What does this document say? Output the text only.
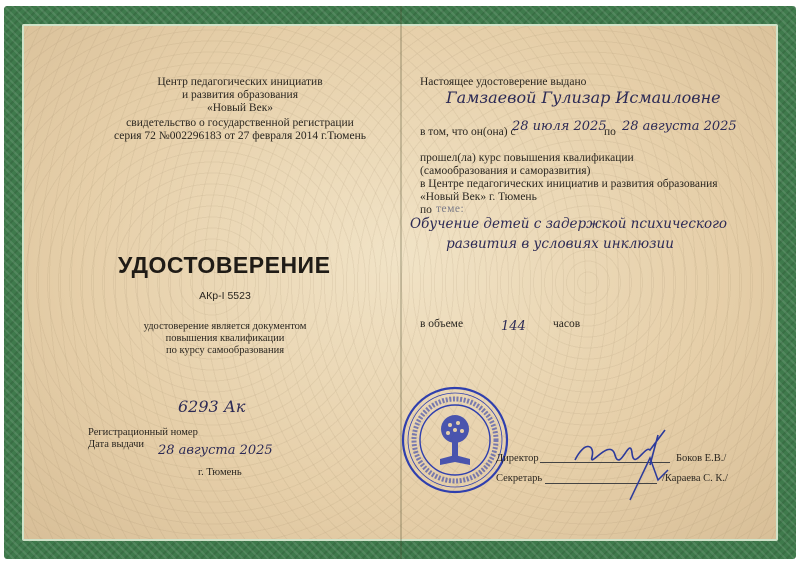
Центр педагогических инициатив
и развития образования
«Новый Век»
свидетельство о государственной регистрации
серия 72 №002296183 от 27 февраля 2014 г.Тюмень
УДОСТОВЕРЕНИЕ
АКр-I 5523
удостоверение является документом
повышения квалификации
по курсу самообразования
6293 Ак
Регистрационный номер
Дата выдачи 28 августа 2025
г. Тюмень
Настоящее удостоверение выдано
Гамзаевой Гулизар Исмаиловне
в том, что он(она) с
28 июля 2025
по 28 августа 2025
прошел(ла) курс повышения квалификации
(самообразования и саморазвития)
в Центре педагогических инициатив и развития образования
«Новый Век» г. Тюмень
по теме:
Обучение детей с задержкой психического
развития в условиях инклюзии
в объеме	144 часов
Директор	Боков Е.В./
Секретарь	/Караева С. К./
